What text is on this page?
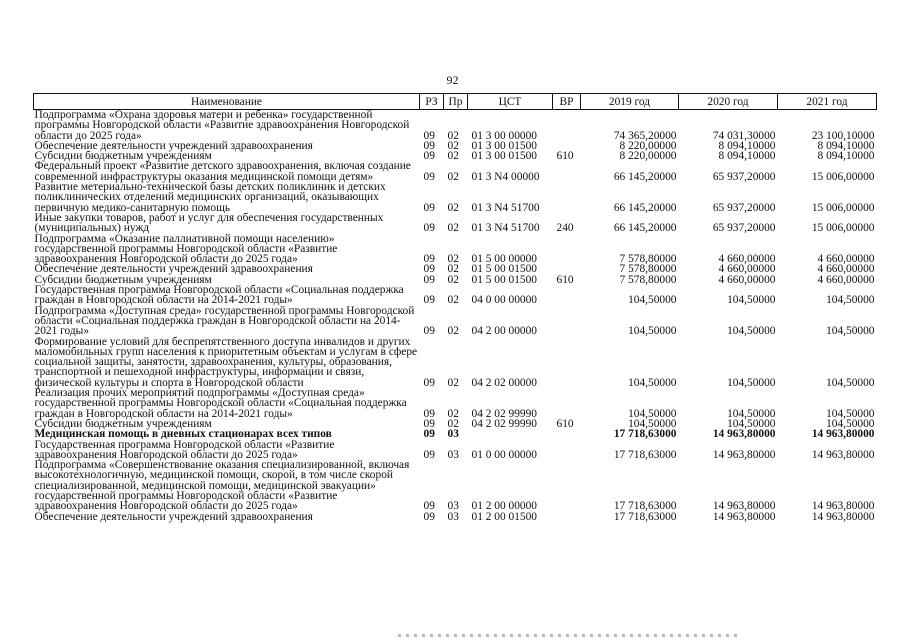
92
Наименование	РЗ	Пр	ЦСТ	ВР	2019 год	2020 год	2021 год
Подпрограмма «Охрана здоровья матери и ребенка» государственной программы Новгородской области «Развитие здравоохранения Новгородской области до 2025 года»	09	02	01 3 00 00000		74 365,20000	74 031,30000	23 100,10000
Обеспечение деятельности учреждений здравоохранения	09	02	01 3 00 01500		8 220,00000	8 094,10000	8 094,10000
Субсидии бюджетным учреждениям	09	02	01 3 00 01500	610	8 220,00000	8 094,10000	8 094,10000
Федеральный проект «Развитие детского здравоохранения, включая создание современной инфраструктуры оказания медицинской помощи детям»	09	02	01 3 N4 00000		66 145,20000	65 937,20000	15 006,00000
Развитие метериально-технической базы детских поликлиник и детских поликлинических отделений медицинских организаций, оказывающих первичную медико-санитарную помощь	09	02	01 3 N4 51700		66 145,20000	65 937,20000	15 006,00000
Иные закупки товаров, работ и услуг для обеспечения государственных (муниципальных) нужд	09	02	01 3 N4 51700	240	66 145,20000	65 937,20000	15 006,00000
Подпрограмма «Оказание паллиативной помощи населению» государственной программы Новгородской области «Развитие здравоохранения Новгородской области до 2025 года»	09	02	01 5 00 00000		7 578,80000	4 660,00000	4 660,00000
Обеспечение деятельности учреждений здравоохранения	09	02	01 5 00 01500		7 578,80000	4 660,00000	4 660,00000
Субсидии бюджетным учреждениям	09	02	01 5 00 01500	610	7 578,80000	4 660,00000	4 660,00000
Государственная программа Новгородской области «Социальная поддержка граждан в Новгородской области на 2014-2021 годы»	09	02	04 0 00 00000		104,50000	104,50000	104,50000
Подпрограмма «Доступная среда» государственной программы Новгородской области «Социальная поддержка граждан в Новгородской области на 2014-2021 годы»	09	02	04 2 00 00000		104,50000	104,50000	104,50000
Формирование условий для беспрепятственного доступа инвалидов и других маломобильных групп населения к приоритетным объектам и услугам в сфере социальной защиты, занятости, здравоохранения, культуры, образования, транспортной и пешеходной инфраструктуры, информации и связи, физической культуры и спорта в Новгородской области	09	02	04 2 02 00000		104,50000	104,50000	104,50000
Реализация прочих мероприятий подпрограммы «Доступная среда» государственной программы Новгородской области «Социальная поддержка граждан в Новгородской области на 2014-2021 годы»	09	02	04 2 02 99990		104,50000	104,50000	104,50000
Субсидии бюджетным учреждениям	09	02	04 2 02 99990	610	104,50000	104,50000	104,50000
Медицинская помощь в дневных стационарах всех типов	09	03			17 718,63000	14 963,80000	14 963,80000
Государственная программа Новгородской области «Развитие здравоохранения Новгородской области до 2025 года»	09	03	01 0 00 00000		17 718,63000	14 963,80000	14 963,80000
Подпрограмма «Совершенствование оказания специализированной, включая высокотехнологичную, медицинской помощи, скорой, в том числе скорой специализированной, медицинской помощи, медицинской эвакуации» государственной программы Новгородской области «Развитие здравоохранения Новгородской области до 2025 года»	09	03	01 2 00 00000		17 718,63000	14 963,80000	14 963,80000
Обеспечение деятельности учреждений здравоохранения	09	03	01 2 00 01500		17 718,63000	14 963,80000	14 963,80000
